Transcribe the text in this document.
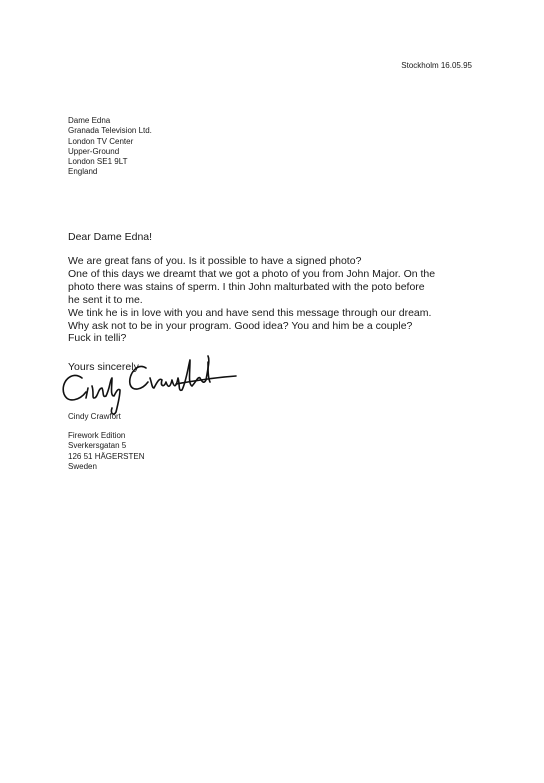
Stockholm 16.05.95
Dame Edna
Granada Television Ltd.
London TV Center
Upper-Ground
London SE1 9LT
England
Dear Dame Edna!
We are great fans of you. Is it possible to have a signed photo?
One of this days we dreamt that we got a photo of you from John Major. On the
photo there was stains of sperm. I thin John malturbated with the poto before
he sent it to me.
We tink he is in love with you and have send this message through our dream.
Why ask not to be in your program. Good idea? You and him be a couple?
Fuck in telli?
Yours sincerely
Cindy Crawfort
Firework Edition
Sverkersgatan 5
126 51 HÄGERSTEN
Sweden
